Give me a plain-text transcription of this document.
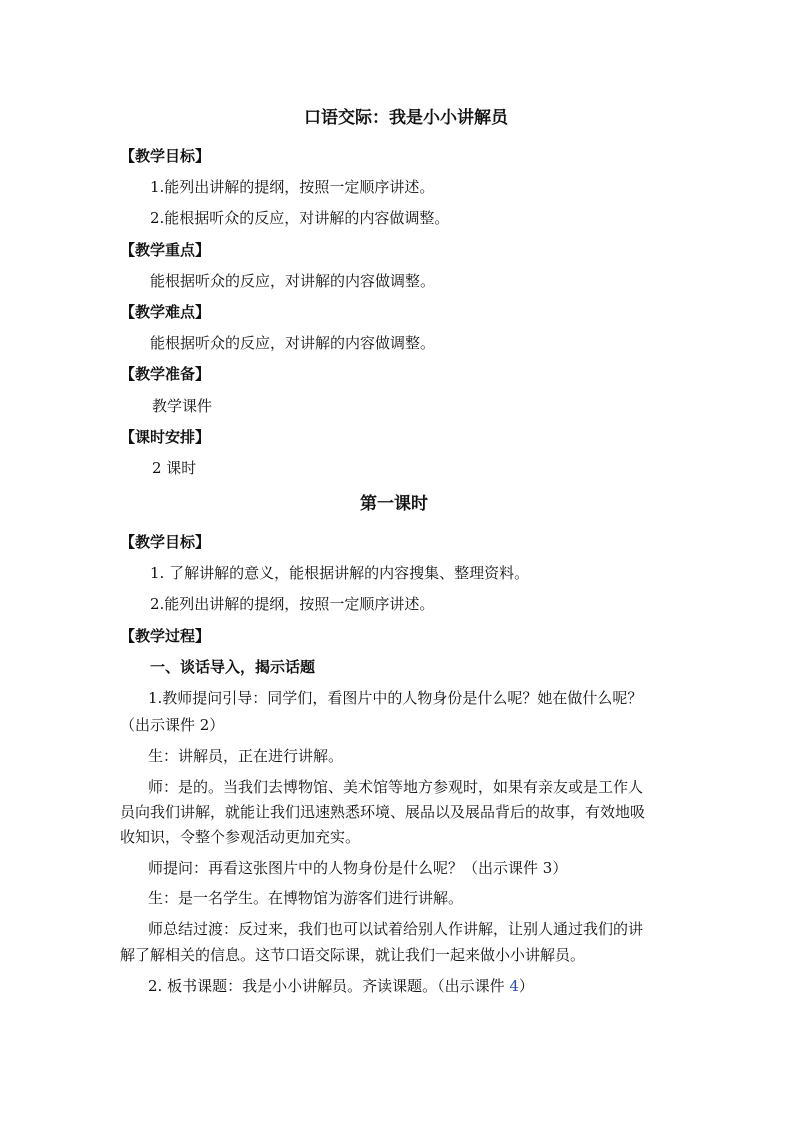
口语交际：我是小小讲解员
【教学目标】
1.能列出讲解的提纲，按照一定顺序讲述。
2.能根据听众的反应，对讲解的内容做调整。
【教学重点】
能根据听众的反应，对讲解的内容做调整。
【教学难点】
能根据听众的反应，对讲解的内容做调整。
【教学准备】
教学课件
【课时安排】
2 课时
第一课时
【教学目标】
1. 了解讲解的意义，能根据讲解的内容搜集、整理资料。
2.能列出讲解的提纲，按照一定顺序讲述。
【教学过程】
一、谈话导入，揭示话题
1.教师提问引导：同学们，看图片中的人物身份是什么呢？她在做什么呢？
（出示课件 2）
生：讲解员，正在进行讲解。
师：是的。当我们去博物馆、美术馆等地方参观时，如果有亲友或是工作人
员向我们讲解，就能让我们迅速熟悉环境、展品以及展品背后的故事，有效地吸
收知识，令整个参观活动更加充实。
师提问：再看这张图片中的人物身份是什么呢？（出示课件 3）
生：是一名学生。在博物馆为游客们进行讲解。
师总结过渡：反过来，我们也可以试着给别人作讲解，让别人通过我们的讲
解了解相关的信息。这节口语交际课，就让我们一起来做小小讲解员。
2. 板书课题：我是小小讲解员。齐读课题。（出示课件 4）
